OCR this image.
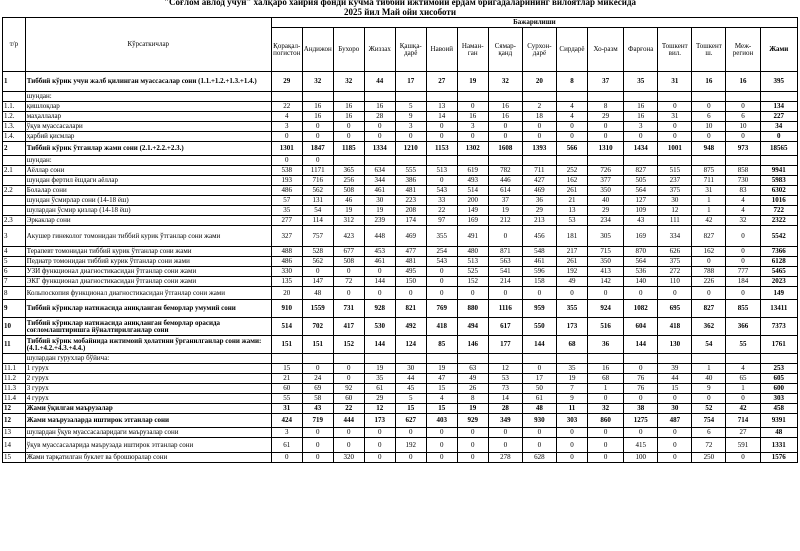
"Соғлом авлод учун" халқаро хайрия фонди кўчма тиббий ижтимоий ёрдам бригадаларининг вилоятлар микёсида
2025 йил Май ойи хисоботи
т/р	Кўрсаткичлар	Бажарилиши															
		Қорақал-погистон	Андижон	Бухоро	Жиззах	Қашқа-дарё	Навоий	Наман-ган	Сямар-қанд	Сурхон-дарё	Сирдарё	Хо-разм	Фарғона	Тошкент вил.	Тошкент ш.	Меж-регион	Жами
1	Тиббий кўрик учун жалб қилинган муассасалар сони (1.1.+1.2.+1.3.+1.4.)	29	32	32	44	17	27	19	32	20	8	37	35	31	16	16	395
	шундан:																
1.1.	қишлоқлар	22	16	16	16	5	13	0	16	2	4	8	16	0	0	0	134
1.2.	маҳаллалар	4	16	16	28	9	14	16	16	18	4	29	16	31	6	6	227
1.3.	ўқув муассасалари	3	0	0	0	3	0	3	0	0	0	0	3	0	10	10	34
1.4.	ҳарбий қисмлар	0	0	0	0	0	0	0	0	0	0	0	0	0	0	0	0
2	Тиббий кўрик ўтганлар жами сони (2.1.+2.2.+2.3.)	1301	1847	1185	1334	1210	1153	1302	1608	1393	566	1310	1434	1001	948	973	18565
	шундан:	0	0														
2.1	Аёллар сони	538	1171	365	634	555	513	619	782	711	252	726	827	515	875	858	9941
	шундан фертил ёшдаги аёллар	193	716	256	344	386	0	493	446	427	162	377	505	237	711	730	5983
2.2	Болалар сони	486	562	508	461	481	543	514	614	469	261	350	564	375	31	83	6302
	шундан ўсмирлар сони (14-18 ёш)	57	131	46	30	223	33	200	37	36	21	40	127	30	1	4	1016
	шулардан ўсмир қизлар (14-18 ёш)	35	54	19	19	208	22	149	19	29	13	29	109	12	1	4	722
2.3	Эркаклар сони	277	114	312	239	174	97	169	212	213	53	234	43	111	42	32	2322
3	Акушер гинеколог томонидан тиббий курик ўтганлар сони жами	327	757	423	448	469	355	491	0	456	181	305	169	334	827	0	5542
4	Терапевт томонидан тиббий курик ўтганлар сони жами	488	528	677	453	477	254	480	871	548	217	715	870	626	162	0	7366
5	Педиатр томонидан тиббий курик ўтганлар сони жами	486	562	508	461	481	543	513	563	461	261	350	564	375	0	0	6128
6	УЗИ функционал диагностикасидан ўтганлар сони жами	330	0	0	0	495	0	525	541	596	192	413	536	272	788	777	5465
7	ЭКГ функционал диагностикасидан ўтганлар сони жами	135	147	72	144	150	0	152	214	158	49	142	140	110	226	184	2023
8	Кольпоскопия функционал диагностикасидан ўтганлар сони жами	20	48	0	0	0	0	0	0	0	0	0	0	0	0	0	149
9	Тиббий кўриклар натижасида аниқланган беморлар умумий сони	910	1559	731	928	821	769	880	1116	959	355	924	1082	695	827	855	13411
10	Тиббий кўриклар натижасида аниқланган беморлар орасида соғломлаштиришга йўналтирилганлар сони	514	702	417	530	492	418	494	617	550	173	516	604	418	362	366	7373
11	Тиббий кўрик мобайнида ижтимоий ҳолатини ўрганилганлар сони жами: (4.1.+4.2.+4.3.+4.4.)	151	151	152	144	124	85	146	177	144	68	36	144	130	54	55	1761
	шулардан гурухлар бўйича:																
11.1	1 гурух	15	0	0	19	30	19	63	12	0	35	16	0	39	1	4	253
11.2	2 гурух	21	24	0	35	44	47	49	53	17	19	68	76	44	40	65	605
11.3	3 гурух	60	69	92	61	45	15	26	73	50	7	1	76	15	9	1	600
11.4	4 гурух	55	58	60	29	5	4	8	14	61	9	0	0	0	0	0	303
12	Жами ўқилган маърузалар	31	43	22	12	15	15	19	28	48	11	32	38	30	52	42	458
12	Жами маърузаларда иштирок этганлар сони	424	719	444	173	627	403	929	349	930	303	860	1275	487	754	714	9391
13	шулардан ўқув муассасаларидаги маърузалар сони	3	0	0	0	0	0	0	0	0	0	0	0	0	6	27	48
14	ўқув муассасаларида маърузада иштирок этганлар сони	61	0	0	0	192	0	0	0	0	0	0	415	0	72	591	1331
15	Жами тарқатилган буклет ва брошюралар сони	0	0	320	0	0	0	0	278	628	0	0	100	0	250	0	1576
